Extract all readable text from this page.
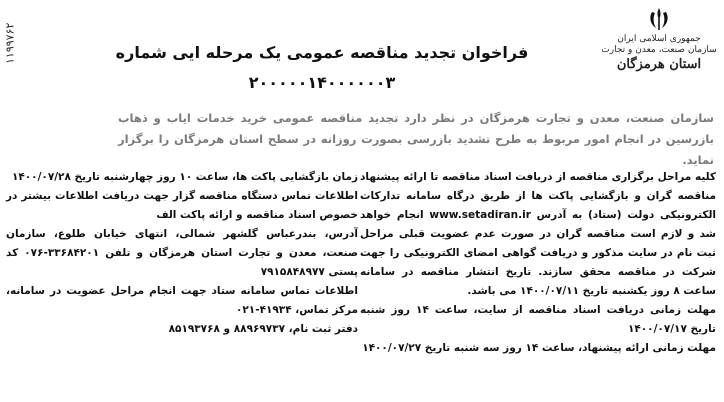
۱۱۹۹۷۶۲	فراخوان تجدید مناقصه عمومی یک مرحله ایی شماره ۲۰۰۰۰۰۱۴۰۰۰۰۰۰۳
جمهوری اسلامی ایران
سازمان صنعت، معدن و تجارت
استان هرمزگان
سازمان صنعت، معدن و تجارت هرمزگان در نظر دارد تجدید مناقصه عمومی خرید خدمات ایاب و ذهاب بازرسین در انجام امور مربوط به طرح تشدید بازرسی بصورت روزانه در سطح استان هرمزگان را برگزار نماید.

کلیه مراحل برگزاری مناقصه از دریافت اسناد مناقصه تا ارائه پیشنهاد مناقصه گران و بازگشایی پاکت ها از طریق درگاه سامانه تدارکات الکترونیکی دولت (ستاد) به آدرس www.setadiran.ir انجام خواهد شد و لازم است مناقصه گران در صورت عدم عضویت قبلی مراحل ثبت نام در سایت مذکور و دریافت گواهی امضای الکترونیکی را جهت شرکت در مناقصه محقق سازند. تاریخ انتشار مناقصه در سامانه ساعت ۸ روز یکشنبه تاریخ ۱۴۰۰/۰۷/۱۱ می باشد.

مهلت زمانی دریافت اسناد مناقصه از سایت، ساعت ۱۴ روز شنبه تاریخ ۱۴۰۰/۰۷/۱۷

مهلت زمانی ارائه پیشنهاد، ساعت ۱۴ روز سه شنبه تاریخ ۱۴۰۰/۰۷/۲۷

زمان بازگشایی پاکت ها، ساعت ۱۰ روز چهارشنبه تاریخ ۱۴۰۰/۰۷/۲۸

اطلاعات تماس دستگاه مناقصه گزار جهت دریافت اطلاعات بیشتر در خصوص اسناد مناقصه و ارائه پاکت الف

آدرس، بندرعباس گلشهر شمالی، انتهای خیابان طلوع، سازمان صنعت، معدن و تجارت استان هرمزگان و تلفن ۳۳۶۸۴۲۰۱-۰۷۶ کد پستی ۷۹۱۵۸۴۸۹۷۷

اطلاعات تماس سامانه ستاد جهت انجام مراحل عضویت در سامانه، مرکز تماس، ۴۱۹۳۴-۰۲۱

دفتر ثبت نام، ۸۸۹۶۹۷۳۷ و ۸۵۱۹۳۷۶۸
